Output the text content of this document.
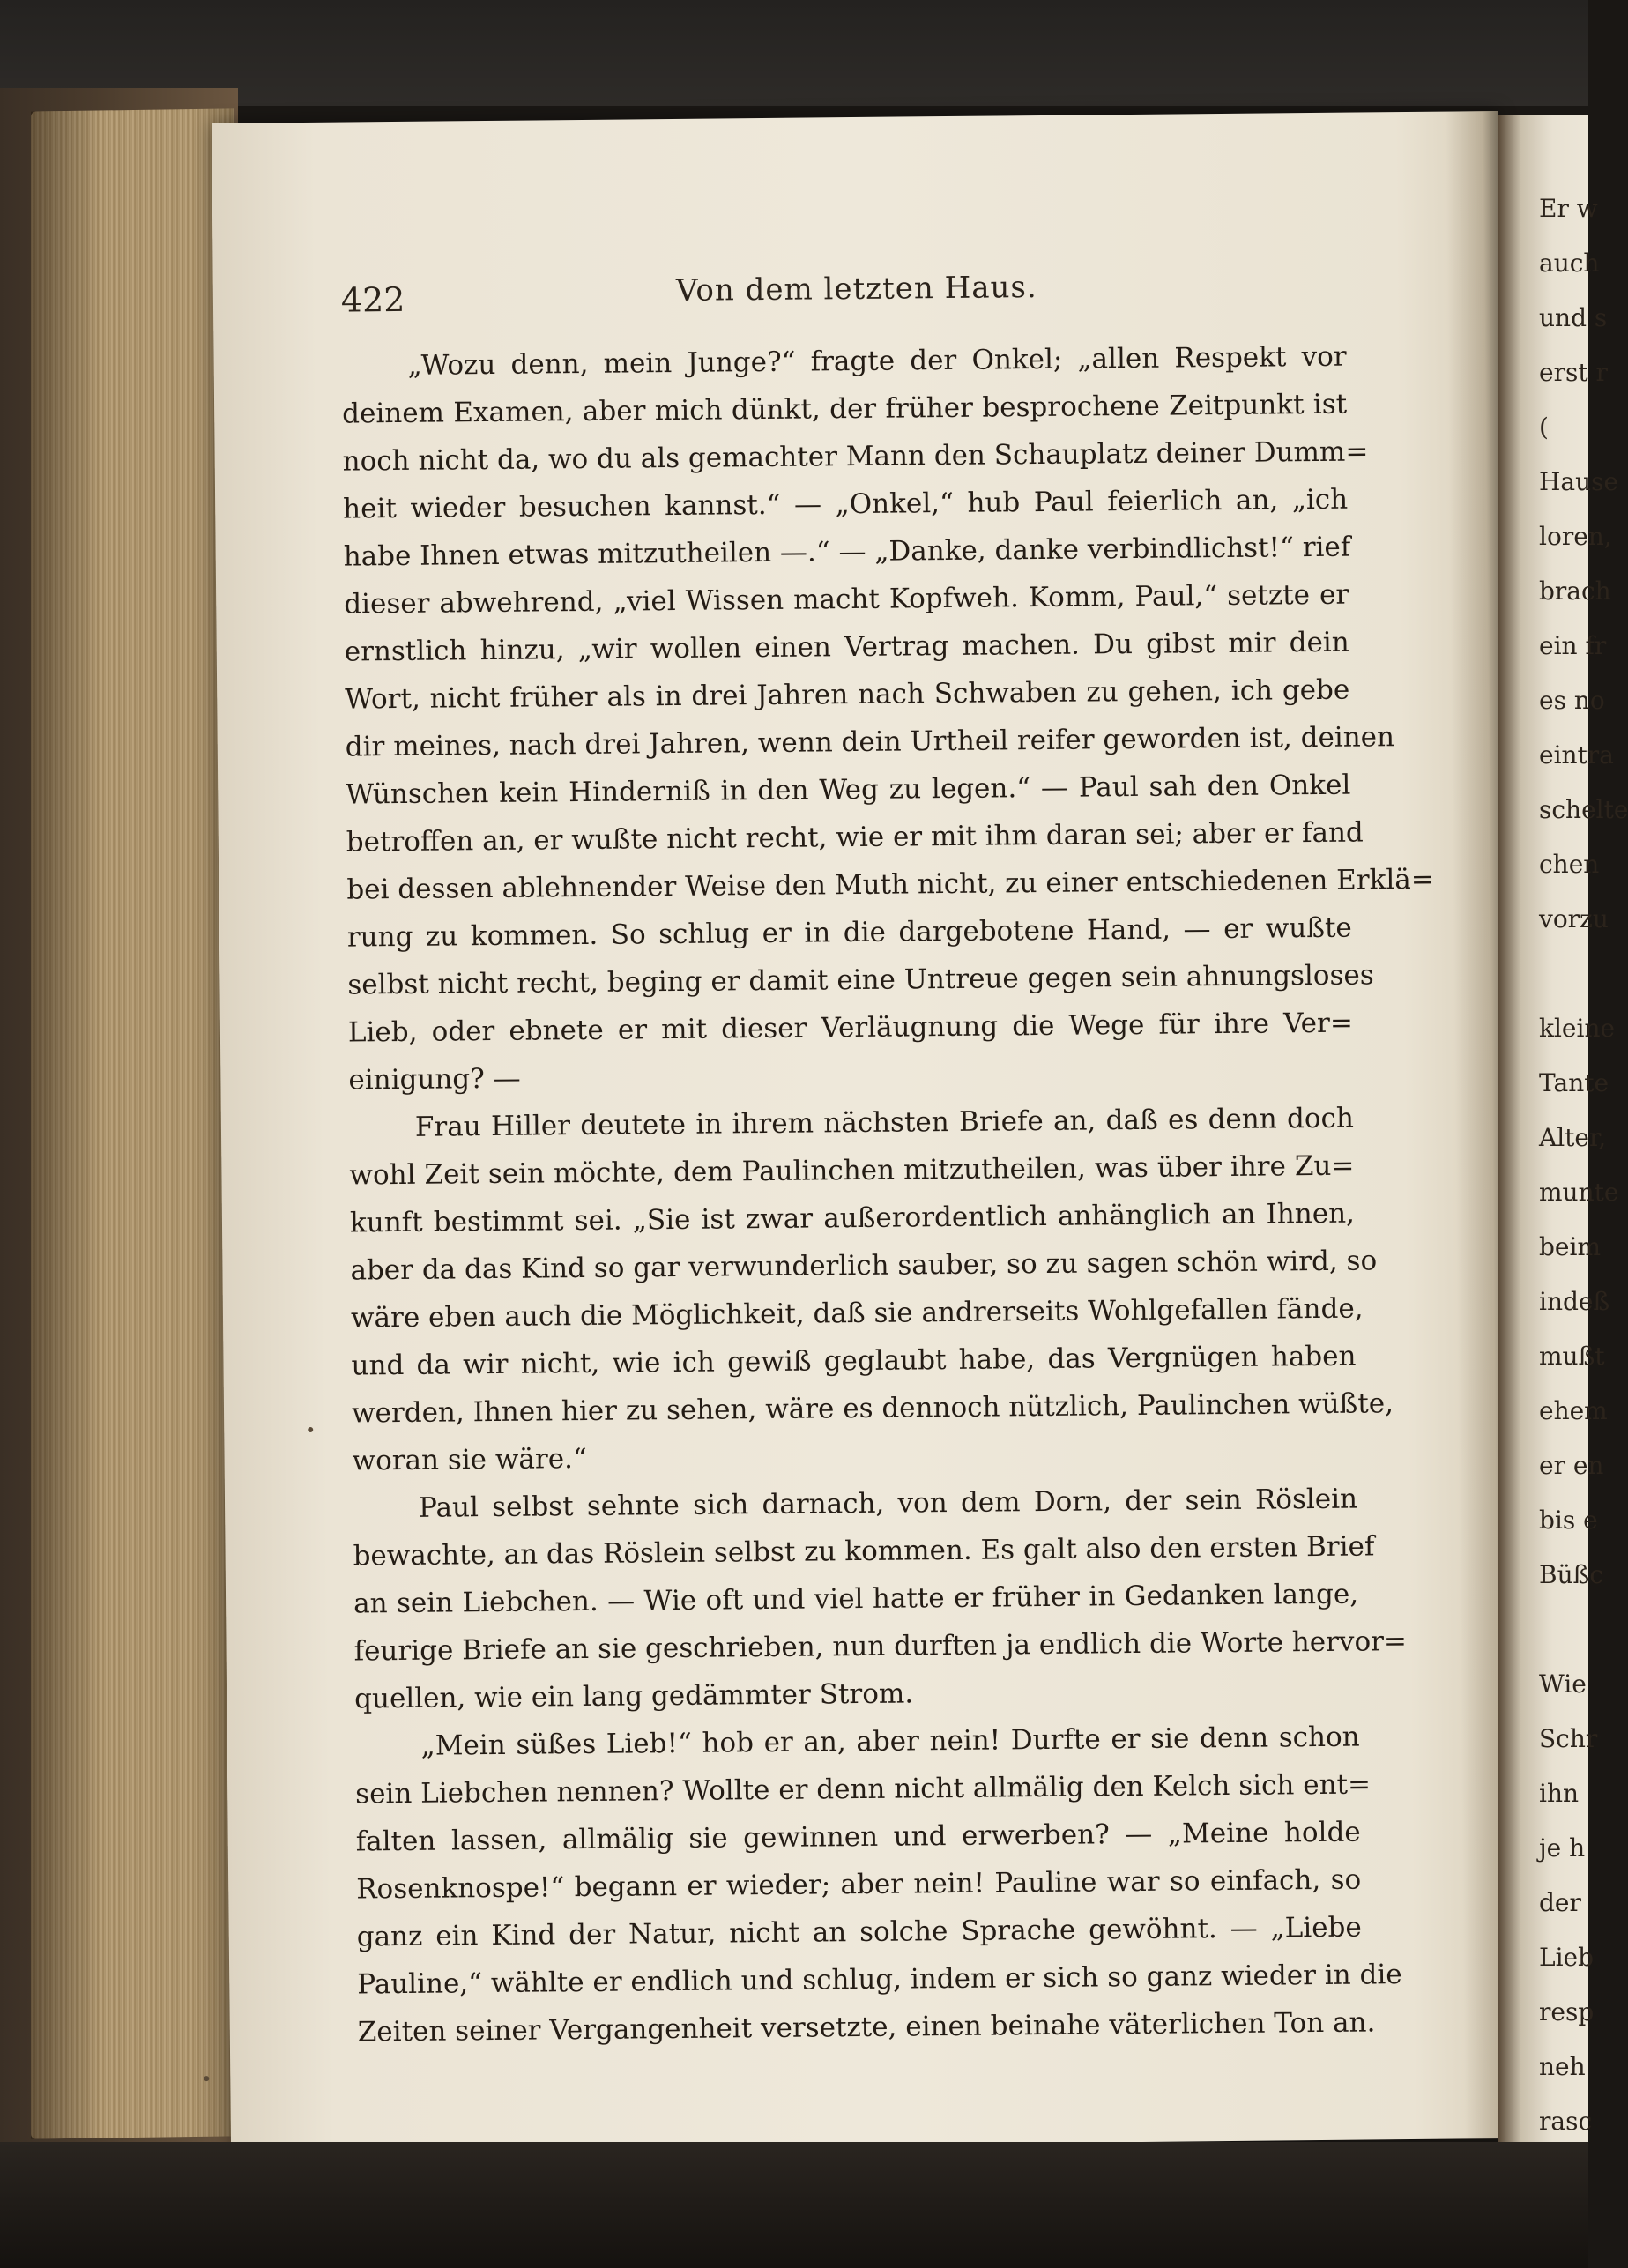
422	Von dem letzten Haus.
„Wozu denn, mein Junge?“ fragte der Onkel; „allen Respekt vor
deinem Examen, aber mich dünkt, der früher besprochene Zeitpunkt ist
noch nicht da, wo du als gemachter Mann den Schauplatz deiner Dumm=
heit wieder besuchen kannst.“ — „Onkel,“ hub Paul feierlich an, „ich
habe Ihnen etwas mitzutheilen —.“ — „Danke, danke verbindlichst!“ rief
dieser abwehrend, „viel Wissen macht Kopfweh. Komm, Paul,“ setzte er
ernstlich hinzu, „wir wollen einen Vertrag machen. Du gibst mir dein
Wort, nicht früher als in drei Jahren nach Schwaben zu gehen, ich gebe
dir meines, nach drei Jahren, wenn dein Urtheil reifer geworden ist, deinen
Wünschen kein Hinderniß in den Weg zu legen.“ — Paul sah den Onkel
betroffen an, er wußte nicht recht, wie er mit ihm daran sei; aber er fand
bei dessen ablehnender Weise den Muth nicht, zu einer entschiedenen Erklä=
rung zu kommen. So schlug er in die dargebotene Hand, — er wußte
selbst nicht recht, beging er damit eine Untreue gegen sein ahnungsloses
Lieb, oder ebnete er mit dieser Verläugnung die Wege für ihre Ver=
einigung? —
Frau Hiller deutete in ihrem nächsten Briefe an, daß es denn doch
wohl Zeit sein möchte, dem Paulinchen mitzutheilen, was über ihre Zu=
kunft bestimmt sei. „Sie ist zwar außerordentlich anhänglich an Ihnen,
aber da das Kind so gar verwunderlich sauber, so zu sagen schön wird, so
wäre eben auch die Möglichkeit, daß sie andrerseits Wohlgefallen fände,
und da wir nicht, wie ich gewiß geglaubt habe, das Vergnügen haben
werden, Ihnen hier zu sehen, wäre es dennoch nützlich, Paulinchen wüßte,
woran sie wäre.“
Paul selbst sehnte sich darnach, von dem Dorn, der sein Röslein
bewachte, an das Röslein selbst zu kommen. Es galt also den ersten Brief
an sein Liebchen. — Wie oft und viel hatte er früher in Gedanken lange,
feurige Briefe an sie geschrieben, nun durften ja endlich die Worte hervor=
quellen, wie ein lang gedämmter Strom.
„Mein süßes Lieb!“ hob er an, aber nein! Durfte er sie denn schon
sein Liebchen nennen? Wollte er denn nicht allmälig den Kelch sich ent=
falten lassen, allmälig sie gewinnen und erwerben? — „Meine holde
Rosenknospe!“ begann er wieder; aber nein! Pauline war so einfach, so
ganz ein Kind der Natur, nicht an solche Sprache gewöhnt. — „Liebe
Pauline,“ wählte er endlich und schlug, indem er sich so ganz wieder in die
Zeiten seiner Vergangenheit versetzte, einen beinahe väterlichen Ton an.
Er w
auch
und s
erst r
(
Hause
loren,
brach
ein fr
es no
eintra
schelte
chen
vorzu
kleine
Tante
Alter,
munte
beim
indeß
mußt
ehem
er en
bis e
Büßc
Wie
Schr
ihn
je h
der
Lieb
resp
neh
rasc
